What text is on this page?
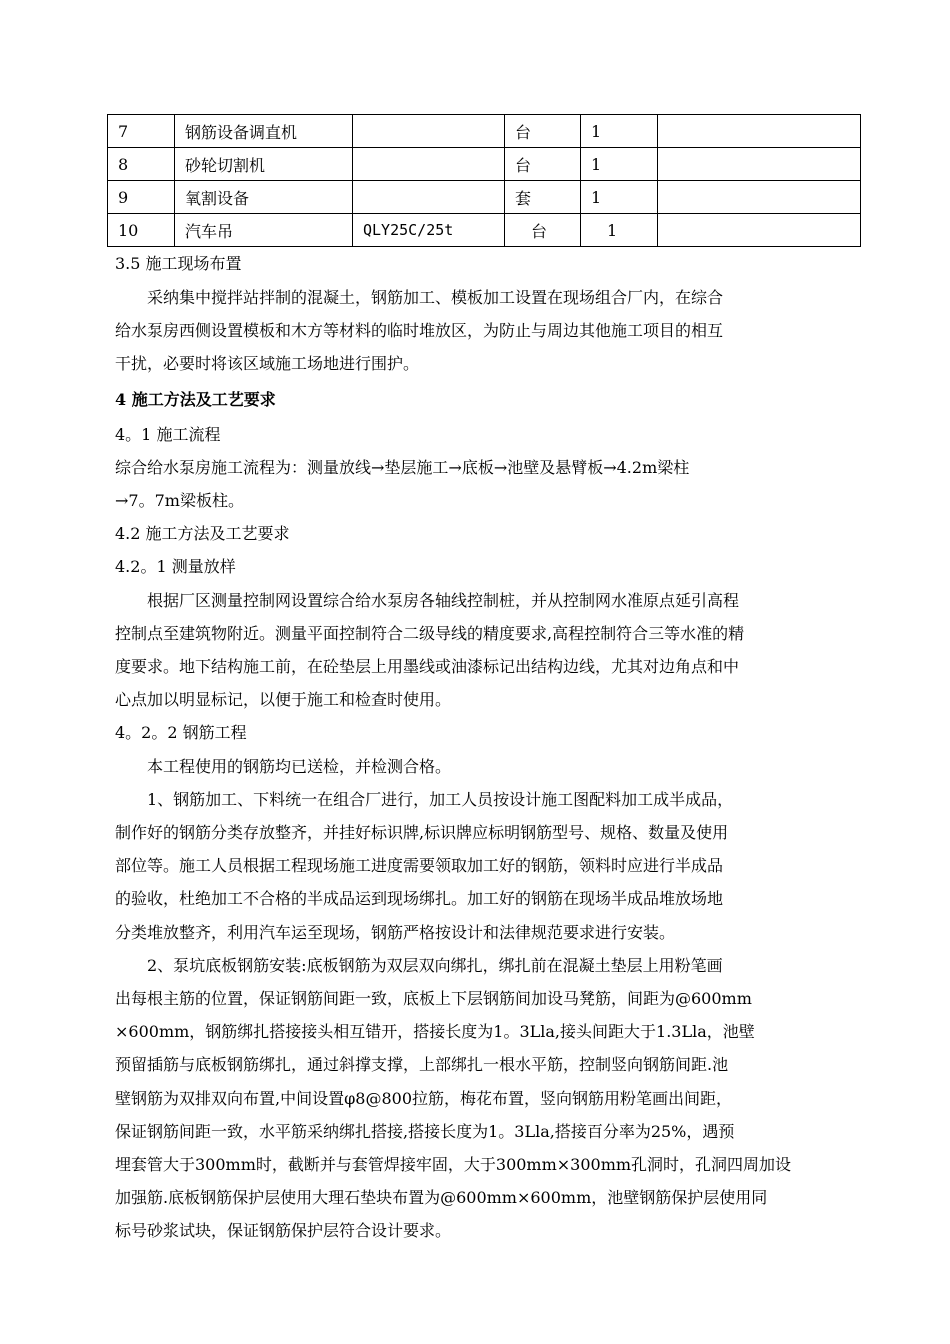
7	钢筋设备调直机		台	1	
8	砂轮切割机		台	1	
9	氧割设备		套	1	
10	汽车吊	QLY25C/25t	台	1	
3.5 施工现场布置
　　采纳集中搅拌站拌制的混凝土，钢筋加工、模板加工设置在现场组合厂内，在综合
给水泵房西侧设置模板和木方等材料的临时堆放区，为防止与周边其他施工项目的相互
干扰，必要时将该区域施工场地进行围护。
4 施工方法及工艺要求
4。1 施工流程
综合给水泵房施工流程为：测量放线→垫层施工→底板→池壁及悬臂板→4.2m梁柱
→7。7m梁板柱。
4.2 施工方法及工艺要求
4.2。1 测量放样
　　根据厂区测量控制网设置综合给水泵房各轴线控制桩，并从控制网水准原点延引高程
控制点至建筑物附近。测量平面控制符合二级导线的精度要求,高程控制符合三等水准的精
度要求。地下结构施工前，在砼垫层上用墨线或油漆标记出结构边线，尤其对边角点和中
心点加以明显标记，以便于施工和检查时使用。
4。2。2 钢筋工程
　　本工程使用的钢筋均已送检，并检测合格。
　　1、钢筋加工、下料统一在组合厂进行，加工人员按设计施工图配料加工成半成品，
制作好的钢筋分类存放整齐，并挂好标识牌,标识牌应标明钢筋型号、规格、数量及使用
部位等。施工人员根据工程现场施工进度需要领取加工好的钢筋，领料时应进行半成品
的验收，杜绝加工不合格的半成品运到现场绑扎。加工好的钢筋在现场半成品堆放场地
分类堆放整齐，利用汽车运至现场，钢筋严格按设计和法律规范要求进行安装。
　　2、泵坑底板钢筋安装:底板钢筋为双层双向绑扎，绑扎前在混凝土垫层上用粉笔画
出每根主筋的位置，保证钢筋间距一致，底板上下层钢筋间加设马凳筋，间距为@600mm
×600mm，钢筋绑扎搭接接头相互错开，搭接长度为1。3Lla,接头间距大于1.3Lla，池壁
预留插筋与底板钢筋绑扎，通过斜撑支撑，上部绑扎一根水平筋，控制竖向钢筋间距.池
壁钢筋为双排双向布置,中间设置φ8@800拉筋，梅花布置，竖向钢筋用粉笔画出间距，
保证钢筋间距一致，水平筋采纳绑扎搭接,搭接长度为1。3Lla,搭接百分率为25%，遇预
埋套管大于300mm时，截断并与套管焊接牢固，大于300mm×300mm孔洞时，孔洞四周加设
加强筋.底板钢筋保护层使用大理石垫块布置为@600mm×600mm，池壁钢筋保护层使用同
标号砂浆试块，保证钢筋保护层符合设计要求。
